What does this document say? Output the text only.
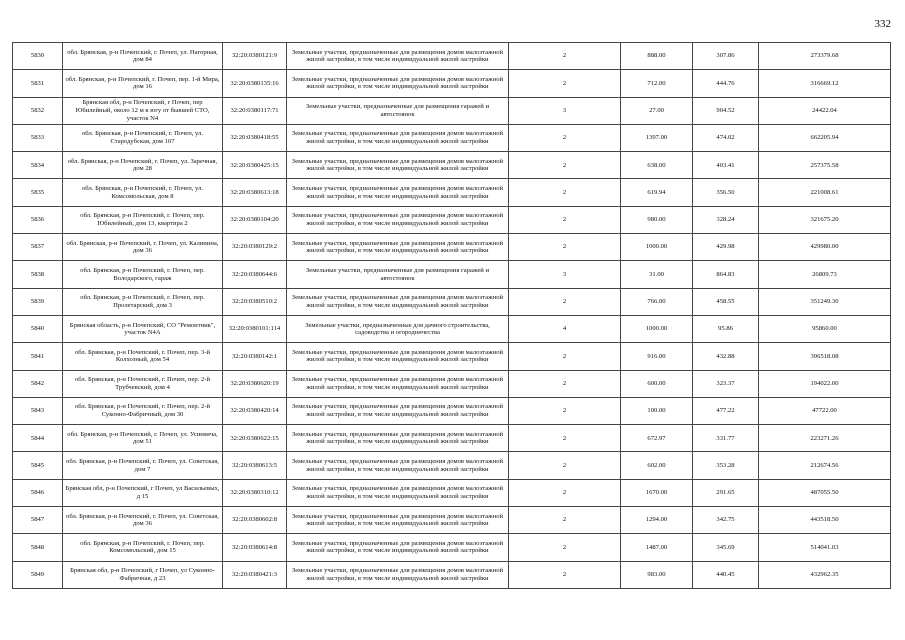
332
5830	обл. Брянская, р-н Почепский, г. Почеп, ул. Нагорная, дом 84	32:20:0380121:9	Земельные участки, предназначенные для размещения домов малоэтажной жилой застройки, в том числе индивидуальной жилой застройки	2	888.00	307.86	273379.68
5831	обл. Брянская, р-н Почепский, г. Почеп, пер. 1-й Мира, дом 16	32:20:0380135:16	Земельные участки, предназначенные для размещения домов малоэтажной жилой застройки, в том числе индивидуальной жилой застройки	2	712.00	444.76	316669.12
5832	Брянская обл, р-н Почепский, г Почеп, пер Юбилейный, около 12 м к югу от бывшей СТО, участок N4	32:20:0380117:71	Земельные участки, предназначенные для размещения гаражей и автостоянок	3	27.00	904.52	24422.04
5833	обл. Брянская, р-н Почепский, г. Почеп, ул. Стародубская, дом 107	32:20:0380418:55	Земельные участки, предназначенные для размещения домов малоэтажной жилой застройки, в том числе индивидуальной жилой застройки	2	1397.00	474.02	662205.94
5834	обл. Брянская, р-н Почепский, г. Почеп, ул. Заречная, дом 28	32:20:0380425:15	Земельные участки, предназначенные для размещения домов малоэтажной жилой застройки, в том числе индивидуальной жилой застройки	2	638.00	403.41	257375.58
5835	обл. Брянская, р-н Почепский, г. Почеп, ул. Комсомольская, дом 8	32:20:0380613:18	Земельные участки, предназначенные для размещения домов малоэтажной жилой застройки, в том числе индивидуальной жилой застройки	2	619.94	356.50	221008.61
5836	обл. Брянская, р-н Почепский, г. Почеп, пер. Юбилейный, дом 13, квартира 2	32:20:0380104:20	Земельные участки, предназначенные для размещения домов малоэтажной жилой застройки, в том числе индивидуальной жилой застройки	2	980.00	328.24	321675.20
5837	обл. Брянская, р-н Почепский, г. Почеп, ул. Калинина, дом 36	32:20:0380129:2	Земельные участки, предназначенные для размещения домов малоэтажной жилой застройки, в том числе индивидуальной жилой застройки	2	1000.00	429.98	429980.00
5838	обл. Брянская, р-н Почепский, г. Почеп, пер. Володарского, гараж	32:20:0380644:6	Земельные участки, предназначенные для размещения гаражей и автостоянок	3	31.00	864.83	26809.73
5839	обл. Брянская, р-н Почепский, г. Почеп, пер. Пролетарский, дом 3	32:20:0380510:2	Земельные участки, предназначенные для размещения домов малоэтажной жилой застройки, в том числе индивидуальной жилой застройки	2	766.00	458.55	351249.30
5840	Брянская область, р-н Почепский, СО "Ремонтник", участок N4А	32:20:0380101:114	Земельные участки, предназначенные для дачного строительства, садоводства и огородничества	4	1000.00	95.86	95860.00
5841	обл. Брянская, р-н Почепский, г. Почеп, пер. 3-й Колхозный, дом 54	32:20:0380142:1	Земельные участки, предназначенные для размещения домов малоэтажной жилой застройки, в том числе индивидуальной жилой застройки	2	916.00	432.88	396518.08
5842	обл. Брянская, р-н Почепский, г. Почеп, пер. 2-й Трубчевский, дом 4	32:20:0380620:19	Земельные участки, предназначенные для размещения домов малоэтажной жилой застройки, в том числе индивидуальной жилой застройки	2	600.00	323.37	194022.00
5843	обл. Брянская, р-н Почепский, г. Почеп, пер. 2-й Суконно-Фабричный, дом 30	32:20:0380420:14	Земельные участки, предназначенные для размещения домов малоэтажной жилой застройки, в том числе индивидуальной жилой застройки	2	100.00	477.22	47722.00
5844	обл. Брянская, р-н Почепский, г. Почеп, ул. Усиевича, дом 51	32:20:0380622:15	Земельные участки, предназначенные для размещения домов малоэтажной жилой застройки, в том числе индивидуальной жилой застройки	2	672.97	331.77	223271.26
5845	обл. Брянская, р-н Почепский, г. Почеп, ул. Советская, дом 7	32:20:0380613:5	Земельные участки, предназначенные для размещения домов малоэтажной жилой застройки, в том числе индивидуальной жилой застройки	2	602.00	353.28	212674.56
5846	Брянская обл, р-н Почепский, г Почеп, ул Васильевых, д 15	32:20:0380310:12	Земельные участки, предназначенные для размещения домов малоэтажной жилой застройки, в том числе индивидуальной жилой застройки	2	1670.00	291.65	487055.50
5847	обл. Брянская, р-н Почепский, г. Почеп, ул. Советская, дом 36	32:20:0380602:8	Земельные участки, предназначенные для размещения домов малоэтажной жилой застройки, в том числе индивидуальной жилой застройки	2	1294.00	342.75	443518.50
5848	обл. Брянская, р-н Почепский, г. Почеп, пер. Комсомольский, дом 15	32:20:0380614:8	Земельные участки, предназначенные для размещения домов малоэтажной жилой застройки, в том числе индивидуальной жилой застройки	2	1487.00	345.69	514041.03
5849	Брянская обл, р-н Почепский, г Почеп, ул Суконно-Фабричная, д 23	32:20:0380421:3	Земельные участки, предназначенные для размещения домов малоэтажной жилой застройки, в том числе индивидуальной жилой застройки	2	983.00	440.45	432962.35
